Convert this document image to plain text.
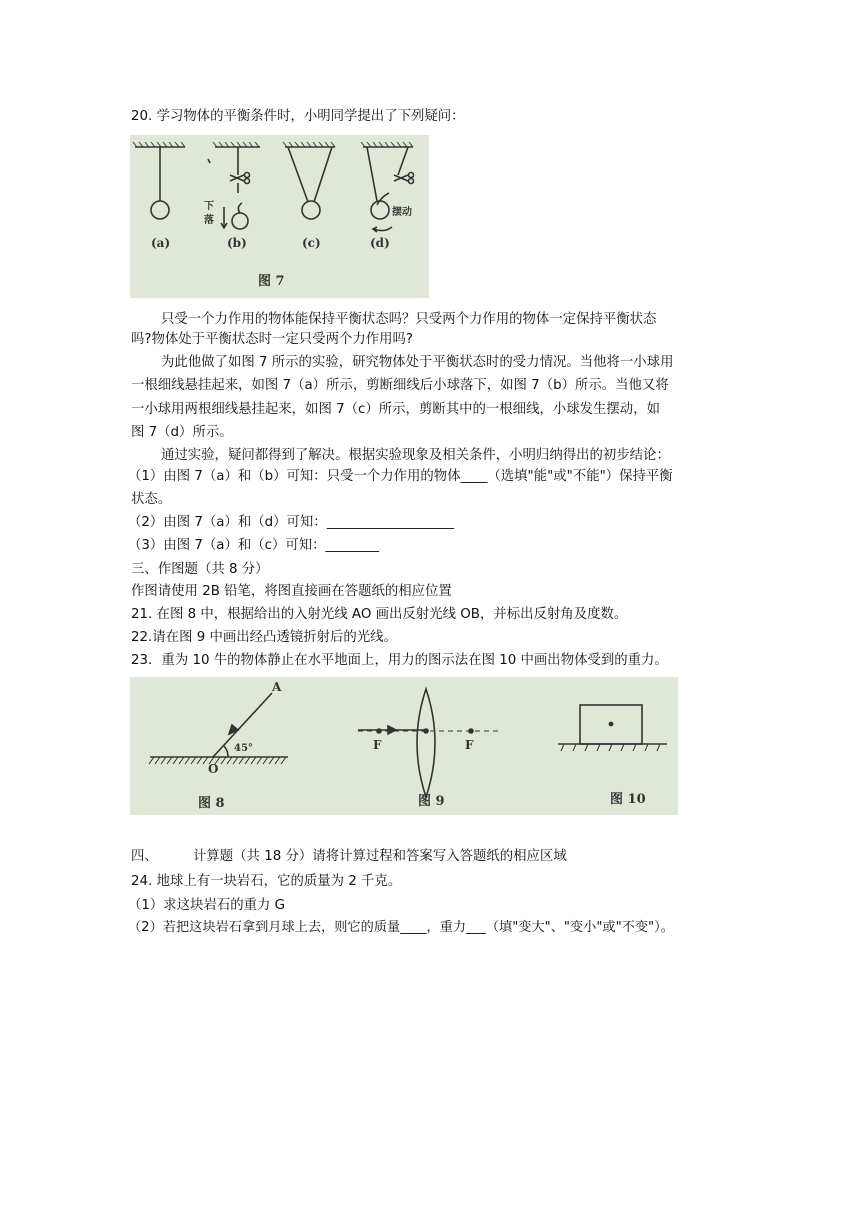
20. 学习物体的平衡条件时，小明同学提出了下列疑问：
(a)	(b)	(c)	(d)
下
落
摆动
图 7
只受一个力作用的物体能保持平衡状态吗？只受两个力作用的物体一定保持平衡状态
吗?物体处于平衡状态时一定只受两个力作用吗?
为此他做了如图 7 所示的实验，研究物体处于平衡状态时的受力情况。当他将一小球用
一根细线悬挂起来，如图 7（a）所示，剪断细线后小球落下，如图 7（b）所示。当他又将
一小球用两根细线悬挂起来，如图 7（c）所示，剪断其中的一根细线，小球发生摆动，如
图 7（d）所示。
通过实验，疑问都得到了解决。根据实验现象及相关条件，小明归纳得出的初步结论：
（1）由图 7（a）和（b）可知：只受一个力作用的物体____（选填"能"或"不能"）保持平衡
状态。
（2）由图 7（a）和（d）可知：___________________
（3）由图 7（a）和（c）可知：________
三、作图题（共 8 分）
作图请使用 2B 铅笔，将图直接画在答题纸的相应位置
21. 在图 8 中，根据给出的入射光线 AO 画出反射光线 OB，并标出反射角及度数。
22.请在图 9 中画出经凸透镜折射后的光线。
23．重为 10 牛的物体静止在水平地面上，用力的图示法在图 10 中画出物体受到的重力。
A
O
45°	F	F
图 8	图 9	图 10
四、	计算题（共 18 分）请将计算过程和答案写入答题纸的相应区域
24. 地球上有一块岩石，它的质量为 2 千克。
（1）求这块岩石的重力 G
（2）若把这块岩石拿到月球上去，则它的质量____，重力___（填"变大"、"变小"或"不变"）。
